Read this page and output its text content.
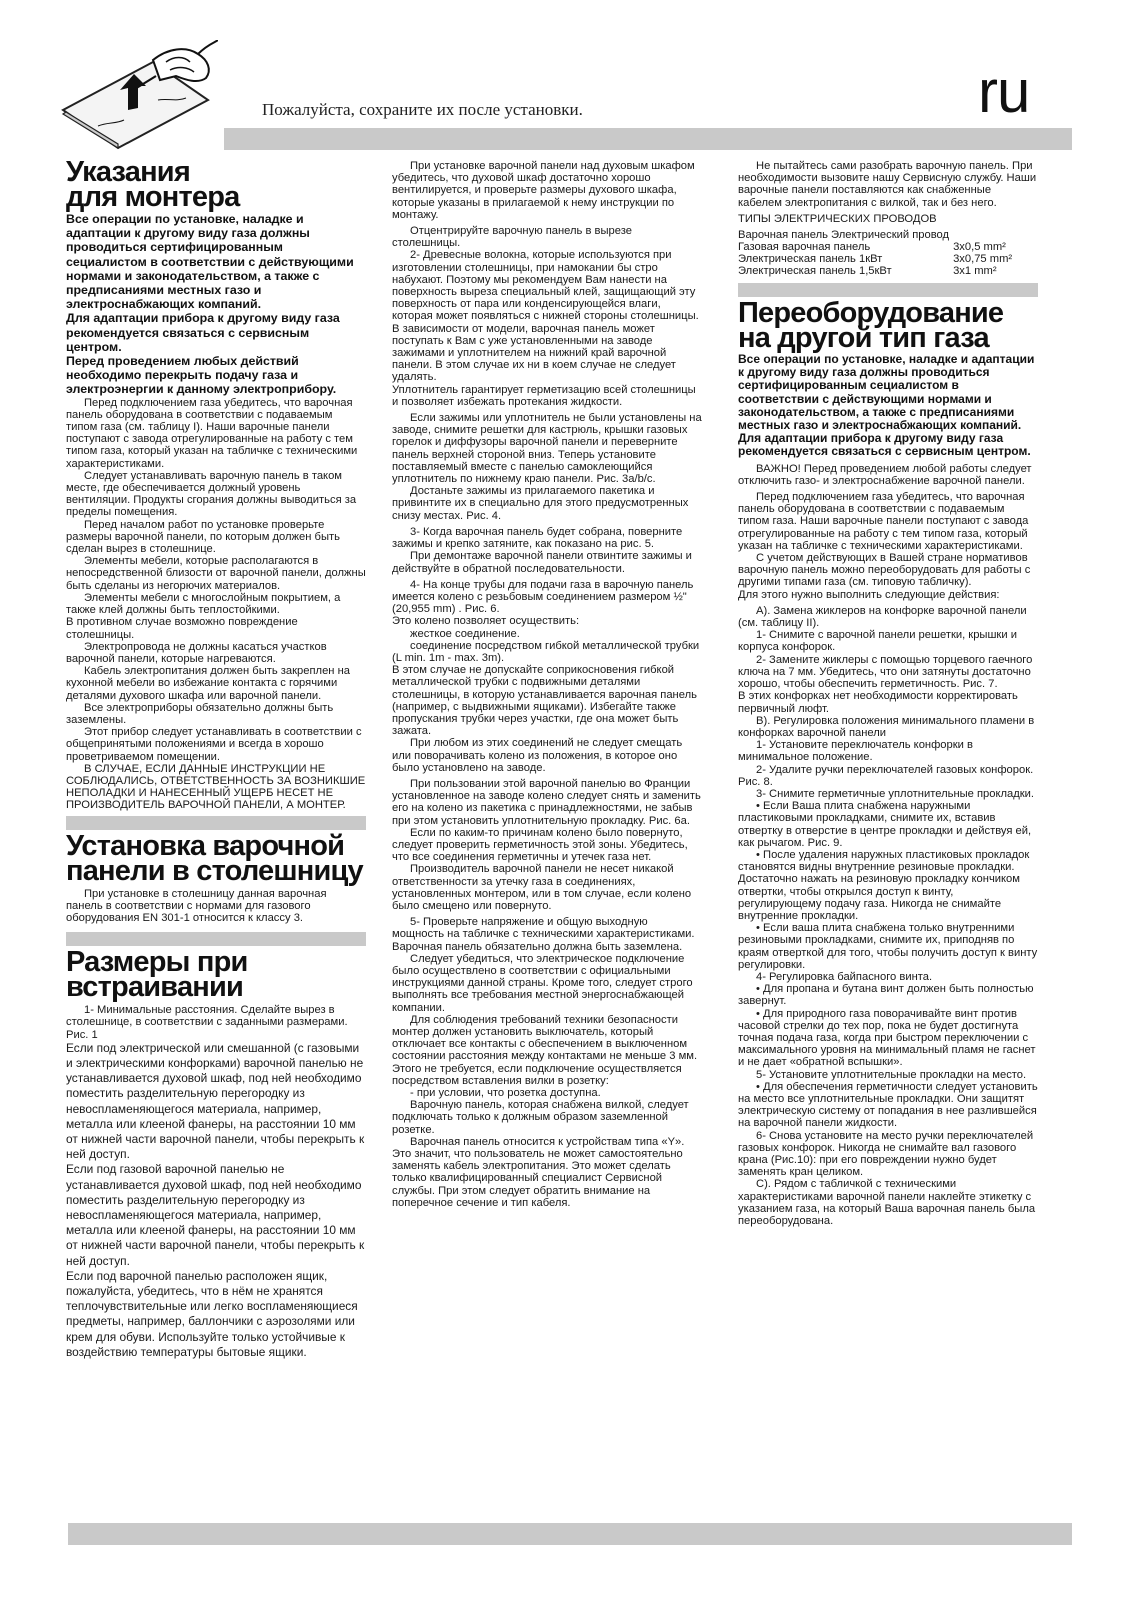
Пожалуйста, сохраните их после установки.	ru
Указания
для монтера
Все операции по установке, наладке и адаптации к другому виду газа должны проводиться сертифицированным сециалистом в соответствии с действующими нормами и законодательством, а также с предписаниями местных газо и электроснабжающих компаний.
Для адаптации прибора к другому виду газа рекомендуется связаться с сервисным центром.
Перед проведением любых действий необходимо перекрыть подачу газа и электроэнергии к данному электроприбору.

Перед подключением газа убедитесь, что варочная панель оборудована в соответствии с подаваемым типом газа (см. таблицу I). Наши варочные панели поступают с завода отрегулированные на работу с тем типом газа, который указан на табличке с техническими характеристиками.

Следует устанавливать варочную панель в таком месте, где обеспечивается должный уровень вентиляции. Продукты сгорания должны выводиться за пределы помещения.

Перед началом работ по установке проверьте размеры варочной панели, по которым должен быть сделан вырез в столешнице.

Элементы мебели, которые располагаются в непосредственной близости от варочной панели, должны быть сделаны из негорючих материалов.

Элементы мебели с многослойным покрытием, а также клей должны быть теплостойкими.
В противном случае возможно повреждение столешницы.

Электропровода не должны касаться участков варочной панели, которые нагреваются.

Кабель электропитания должен быть закреплен на кухонной мебели во избежание контакта с горячими деталями духового шкафа или варочной панели.

Все электроприборы обязательно должны быть заземлены.

Этот прибор следует устанавливать в соответствии с общепринятыми положениями и всегда в хорошо проветриваемом помещении.

В СЛУЧАЕ, ЕСЛИ ДАННЫЕ ИНСТРУКЦИИ НЕ СОБЛЮДАЛИСЬ, ОТВЕТСТВЕННОСТЬ ЗА ВОЗНИКШИЕ НЕПОЛАДКИ И НАНЕСЕННЫЙ УЩЕРБ НЕСЕТ НЕ ПРОИЗВОДИТЕЛЬ ВАРОЧНОЙ ПАНЕЛИ, А МОНТЕР.

Установка варочной
панели в столешницу

При установке в столешницу данная варочная панель в соответствии с нормами для газового оборудования EN 301-1 относится к классу 3.

Размеры при
встраивании

1- Минимальные расстояния. Сделайте вырез в столешнице, в соответствии с заданными размерами. Рис. 1

Если под электрической или смешанной (с газовыми и электрическими конфорками) варочной панелью не устанавливается духовой шкаф, под ней необходимо поместить разделительную перегородку из невоспламеняющегося материала, например, металла или клееной фанеры, на расстоянии 10 мм от нижней части варочной панели, чтобы перекрыть к ней доступ.

Если под газовой варочной панелью не устанавливается духовой шкаф, под ней необходимо поместить разделительную перегородку из невоспламеняющегося материала, например, металла или клееной фанеры, на расстоянии 10 мм от нижней части варочной панели, чтобы перекрыть к ней доступ.

Если под варочной панелью расположен ящик, пожалуйста, убедитесь, что в нём не хранятся теплочувствительные или легко воспламеняющиеся предметы, например, баллончики с аэрозолями или крем для обуви. Используйте только устойчивые к воздействию температуры бытовые ящики.

При установке варочной панели над духовым шкафом убедитесь, что духовой шкаф достаточно хорошо вентилируется, и проверьте размеры духового шкафа, которые указаны в прилагаемой к нему инструкции по монтажу.

Отцентрируйте варочную панель в вырезе столешницы.

2- Древесные волокна, которые используются при изготовлении столешницы, при намокании бы стро набухают. Поэтому мы рекомендуем Вам нанести на поверхность выреза специальный клей, защищающий эту поверхность от пара или конденсирующейся влаги, которая может появляться с нижней стороны столешницы.
В зависимости от модели, варочная панель может поступать к Вам с уже установленными на заводе зажимами и уплотнителем на нижний край варочной панели. В этом случае их ни в коем случае не следует удалять.

Уплотнитель гарантирует герметизацию всей столешницы и позволяет избежать протекания жидкости.

Если зажимы или уплотнитель не были установлены на заводе, снимите решетки для кастрюль, крышки газовых горелок и диффузоры варочной панели и переверните панель верхней стороной вниз. Теперь установите поставляемый вместе с панелью самоклеющийся уплотнитель по нижнему краю панели. Рис. 3a/b/c.

Достаньте зажимы из прилагаемого пакетика и привинтите их в специально для этого предусмотренных снизу местах. Рис. 4.

3- Когда варочная панель будет собрана, поверните зажимы и крепко затяните, как показано на рис. 5.

При демонтаже варочной панели отвинтите зажимы и действуйте в обратной последовательности.

4- На конце трубы для подачи газа в варочную панель имеется колено с резьбовым соединением размером ½"(20,955 mm) . Рис. 6.
Это колено позволяет осуществить:

жесткое соединение.

соединение посредством гибкой металлической трубки (L min. 1m - max. 3m).
В этом случае не допускайте соприкосновения гибкой металлической трубки с подвижными деталями столешницы, в которую устанавливается варочная панель (например, с выдвижными ящиками). Избегайте также пропускания трубки через участки, где она может быть зажата.

При любом из этих соединений не следует смещать или поворачивать колено из положения, в которое оно было установлено на заводе.

При пользовании этой варочной панелью во Франции установленное на заводе колено следует снять и заменить его на колено из пакетика с принадлежностями, не забыв при этом установить уплотнительную прокладку. Рис. 6a.

Если по каким-то причинам колено было повернуто, следует проверить герметичность этой зоны. Убедитесь, что все соединения герметичны и утечек газа нет.

Производитель варочной панели не несет никакой ответственности за утечку газа в соединениях, установленных монтером, или в том случае, если колено было смещено или повернуто.

5- Проверьте напряжение и общую выходную мощность на табличке с техническими характеристиками. Варочная панель обязательно должна быть заземлена.

Следует убедиться, что электрическое подключение было осуществлено в соответствии с официальными инструкциями данной страны. Кроме того, следует строго выполнять все требования местной энергоснабжающей компании.

Для соблюдения требований техники безопасности монтер должен установить выключатель, который отключает все контакты с обеспечением в выключенном состоянии расстояния между контактами не меньше 3 мм. Этого не требуется, если подключение осуществляется посредством вставления вилки в розетку:

- при условии, что розетка доступна.

Варочную панель, которая снабжена вилкой, следует подключать только к должным образом заземленной розетке.

Варочная панель относится к устройствам типа «Y». Это значит, что пользователь не может самостоятельно заменять кабель электропитания. Это может сделать только квалифицированный специалист Сервисной службы. При этом следует обратить внимание на поперечное сечение и тип кабеля.

Не пытайтесь сами разобрать варочную панель. При необходимости вызовите нашу Сервисную службу. Наши варочные панели поставляются как снабженные кабелем электропитания с вилкой, так и без него.

ТИПЫ ЭЛЕКТРИЧЕСКИХ ПРОВОДОВ

Варочная панель Электрический провод	
Газовая варочная панель	3x0,5 mm²
Электрическая панель 1кВт	3x0,75 mm²
Электрическая панель 1,5кВт	3x1 mm²
Переоборудование
на другой тип газа
Все операции по установке, наладке и адаптации к другому виду газа должны проводиться сертифицированным сециалистом в соответствии с действующими нормами и законодательством, а также с предписаниями местных газо и электроснабжающих компаний.
Для адаптации прибора к другому виду газа рекомендуется связаться с сервисным центром.

ВАЖНО! Перед проведением любой работы следует отключить газо- и электроснабжение варочной панели.

Перед подключением газа убедитесь, что варочная панель оборудована в соответствии с подаваемым типом газа. Наши варочные панели поступают с завода отрегулированные на работу с тем типом газа, который указан на табличке с техническими характеристиками.

С учетом действующих в Вашей стране нормативов варочную панель можно переоборудовать для работы с другими типами газа (см. типовую табличку).
Для этого нужно выполнить следующие действия:

A). Замена жиклеров на конфорке варочной панели (см. таблицу II).

1- Снимите с варочной панели решетки, крышки и корпуса конфорок.

2- Замените жиклеры с помощью торцевого гаечного ключа на 7 мм. Убедитесь, что они затянуты достаточно хорошо, чтобы обеспечить герметичность. Рис. 7.
В этих конфорках нет необходимости корректировать первичный люфт.

B). Регулировка положения минимального пламени в конфорках варочной панели

1- Установите переключатель конфорки в минимальное положение.

2- Удалите ручки переключателей газовых конфорок. Рис. 8.

3- Снимите герметичные уплотнительные прокладки.

• Если Ваша плита снабжена наружными пластиковыми прокладками, снимите их, вставив отвертку в отверстие в центре прокладки и действуя ей, как рычагом. Рис. 9.

• После удаления наружных пластиковых прокладок становятся видны внутренние резиновые прокладки. Достаточно нажать на резиновую прокладку кончиком отвертки, чтобы открылся доступ к винту, регулирующему подачу газа. Никогда не снимайте внутренние прокладки.

• Если ваша плита снабжена только внутренними резиновыми прокладками, снимите их, приподняв по краям отверткой для того, чтобы получить доступ к винту регулировки.

4- Регулировка байпасного винта.

• Для пропана и бутана винт должен быть полностью завернут.

• Для природного газа поворачивайте винт против часовой стрелки до тех пор, пока не будет достигнута точная подача газа, когда при быстром переключении с максимального уровня на минимальный пламя не гаснет и не дает «обратной вспышки».

5- Установите уплотнительные прокладки на место.

• Для обеспечения герметичности следует установить на место все уплотнительные прокладки. Они защитят электрическую систему от попадания в нее разлившейся на варочной панели жидкости.

6- Снова установите на место ручки переключателей газовых конфорок. Никогда не снимайте вал газового крана (Рис.10): при его повреждении нужно будет заменять кран целиком.

C). Рядом с табличкой с техническими характеристиками варочной панели наклейте этикетку с указанием газа, на который Ваша варочная панель была переоборудована.
